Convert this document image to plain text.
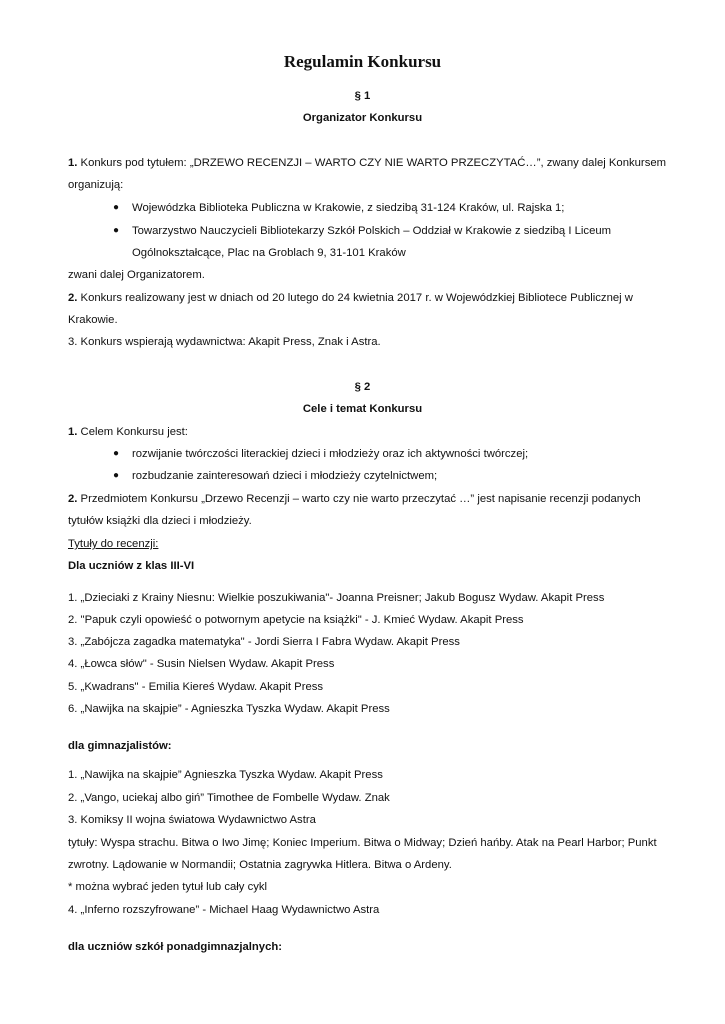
Regulamin Konkursu
§ 1
Organizator Konkursu
1. Konkurs pod tytułem: „DRZEWO RECENZJI – WARTO CZY NIE WARTO PRZECZYTAĆ…”, zwany dalej Konkursem
organizują:
● Wojewódzka Biblioteka Publiczna w Krakowie, z siedzibą 31-124 Kraków, ul. Rajska 1;
● Towarzystwo Nauczycieli Bibliotekarzy Szkół Polskich – Oddział w Krakowie z siedzibą I Liceum
Ogólnokształcące, Plac na Groblach 9, 31-101 Kraków
zwani dalej Organizatorem.
2. Konkurs realizowany jest w dniach od 20 lutego do 24 kwietnia 2017 r. w Wojewódzkiej Bibliotece Publicznej w
Krakowie.
3. Konkurs wspierają wydawnictwa: Akapit Press, Znak i Astra.
§ 2
Cele i temat Konkursu
1. Celem Konkursu jest:
● rozwijanie twórczości literackiej dzieci i młodzieży oraz ich aktywności twórczej;
● rozbudzanie zainteresowań dzieci i młodzieży czytelnictwem;
2. Przedmiotem Konkursu „Drzewo Recenzji – warto czy nie warto przeczytać …” jest napisanie recenzji podanych
tytułów książki dla dzieci i młodzieży.
Tytuły do recenzji:
Dla uczniów z klas III-VI
1. „Dzieciaki z Krainy Niesnu: Wielkie poszukiwania"- Joanna Preisner; Jakub Bogusz Wydaw. Akapit Press
2. "Papuk czyli opowieść o potwornym apetycie na książki" - J. Kmieć Wydaw. Akapit Press
3. „Zabójcza zagadka matematyka" - Jordi Sierra I Fabra Wydaw. Akapit Press
4. „Łowca słów" - Susin Nielsen Wydaw. Akapit Press
5. „Kwadrans" - Emilia Kiereś Wydaw. Akapit Press
6. „Nawijka na skajpie” - Agnieszka Tyszka Wydaw. Akapit Press
dla gimnazjalistów:
1. „Nawijka na skajpie” Agnieszka Tyszka Wydaw. Akapit Press
2. „Vango, uciekaj albo giń” Timothee de Fombelle Wydaw. Znak
3. Komiksy II wojna światowa Wydawnictwo Astra
tytuły: Wyspa strachu. Bitwa o Iwo Jimę; Koniec Imperium. Bitwa o Midway; Dzień hańby. Atak na Pearl Harbor; Punkt
zwrotny. Lądowanie w Normandii; Ostatnia zagrywka Hitlera. Bitwa o Ardeny.
* można wybrać jeden tytuł lub cały cykl
4. „Inferno rozszyfrowane” - Michael Haag Wydawnictwo Astra
dla uczniów szkół ponadgimnazjalnych:
